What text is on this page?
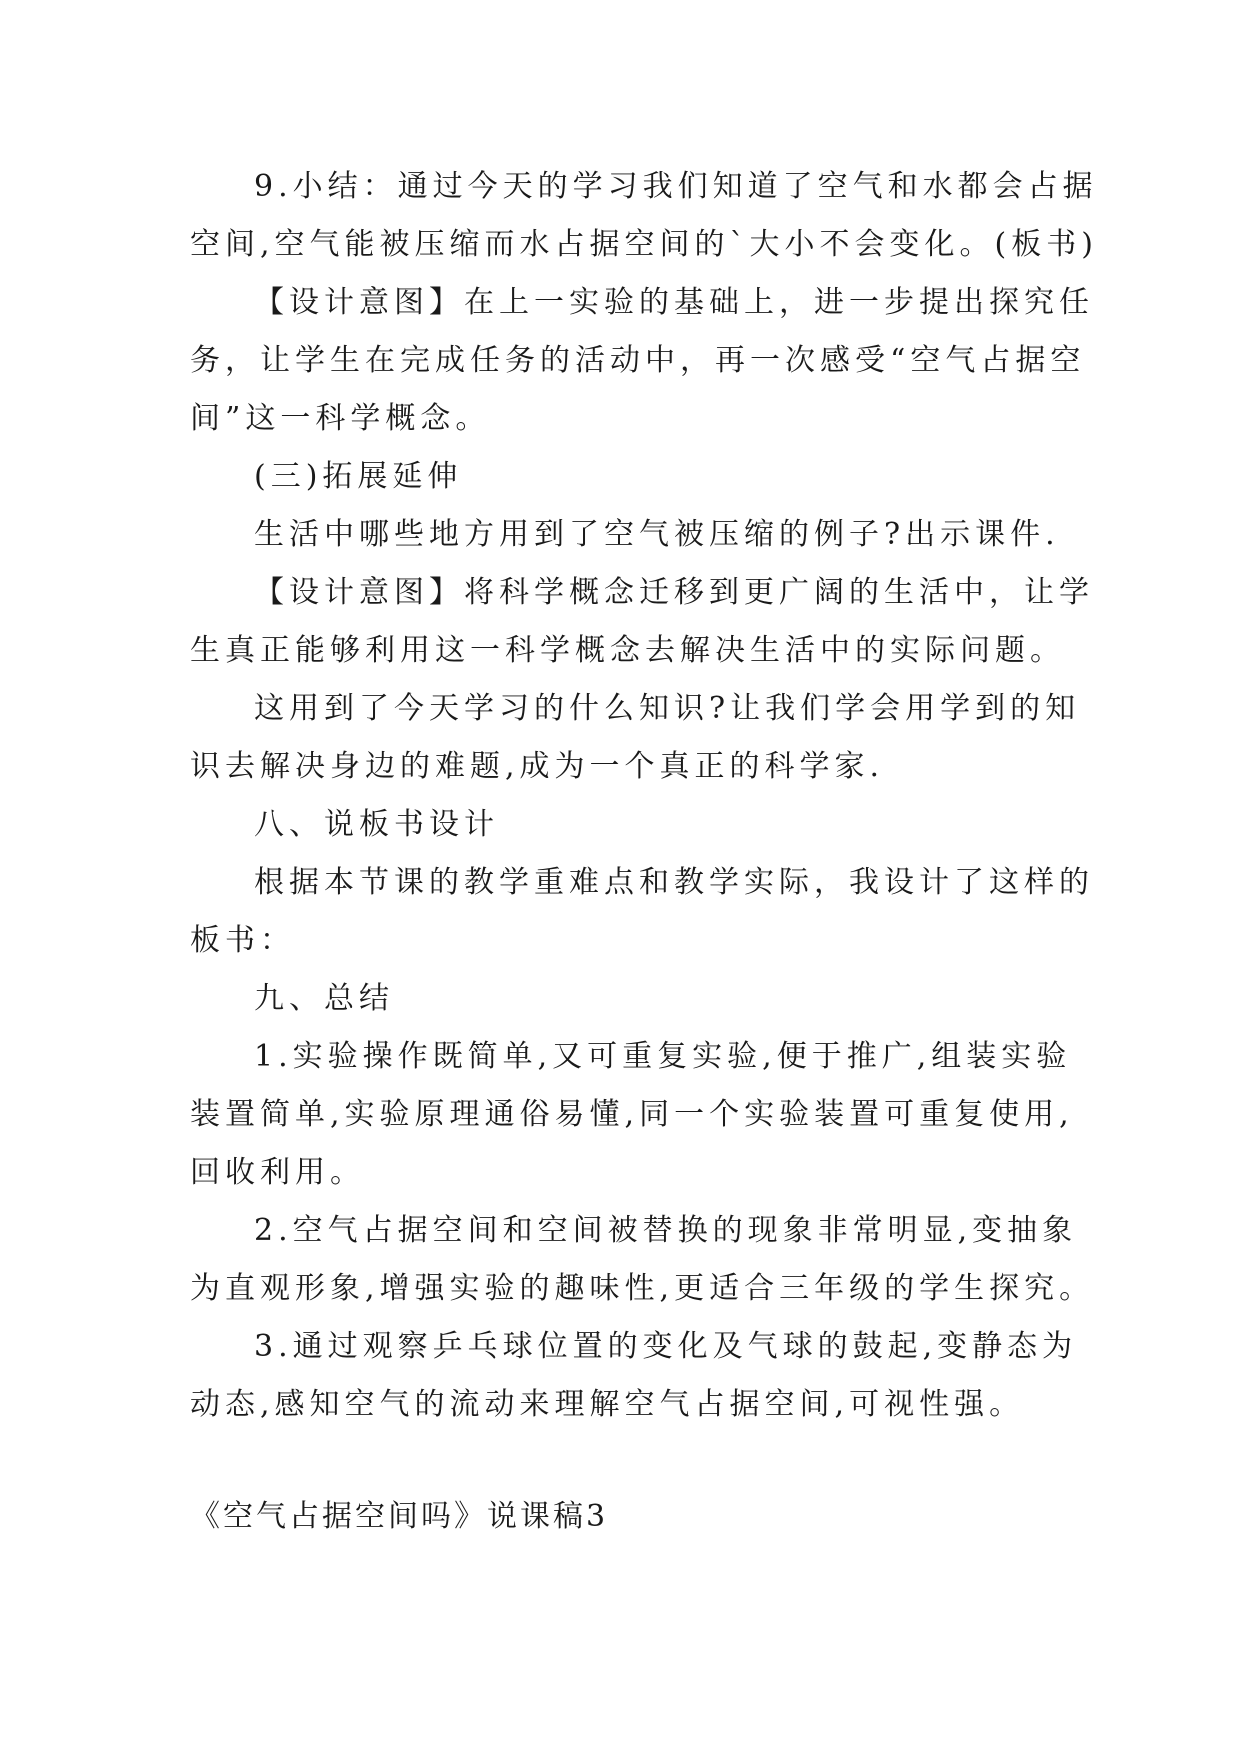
9.小结：通过今天的学习我们知道了空气和水都会占据
空间,空气能被压缩而水占据空间的`大小不会变化。(板书)
【设计意图】在上一实验的基础上，进一步提出探究任
务，让学生在完成任务的活动中，再一次感受“空气占据空
间”这一科学概念。
(三)拓展延伸
生活中哪些地方用到了空气被压缩的例子?出示课件.
【设计意图】将科学概念迁移到更广阔的生活中，让学
生真正能够利用这一科学概念去解决生活中的实际问题。
这用到了今天学习的什么知识?让我们学会用学到的知
识去解决身边的难题,成为一个真正的科学家.
八、说板书设计
根据本节课的教学重难点和教学实际，我设计了这样的
板书：
九、总结
1.实验操作既简单,又可重复实验,便于推广,组装实验
装置简单,实验原理通俗易懂,同一个实验装置可重复使用,
回收利用。
2.空气占据空间和空间被替换的现象非常明显,变抽象
为直观形象,增强实验的趣味性,更适合三年级的学生探究。
3.通过观察乒乓球位置的变化及气球的鼓起,变静态为
动态,感知空气的流动来理解空气占据空间,可视性强。
《空气占据空间吗》说课稿3
